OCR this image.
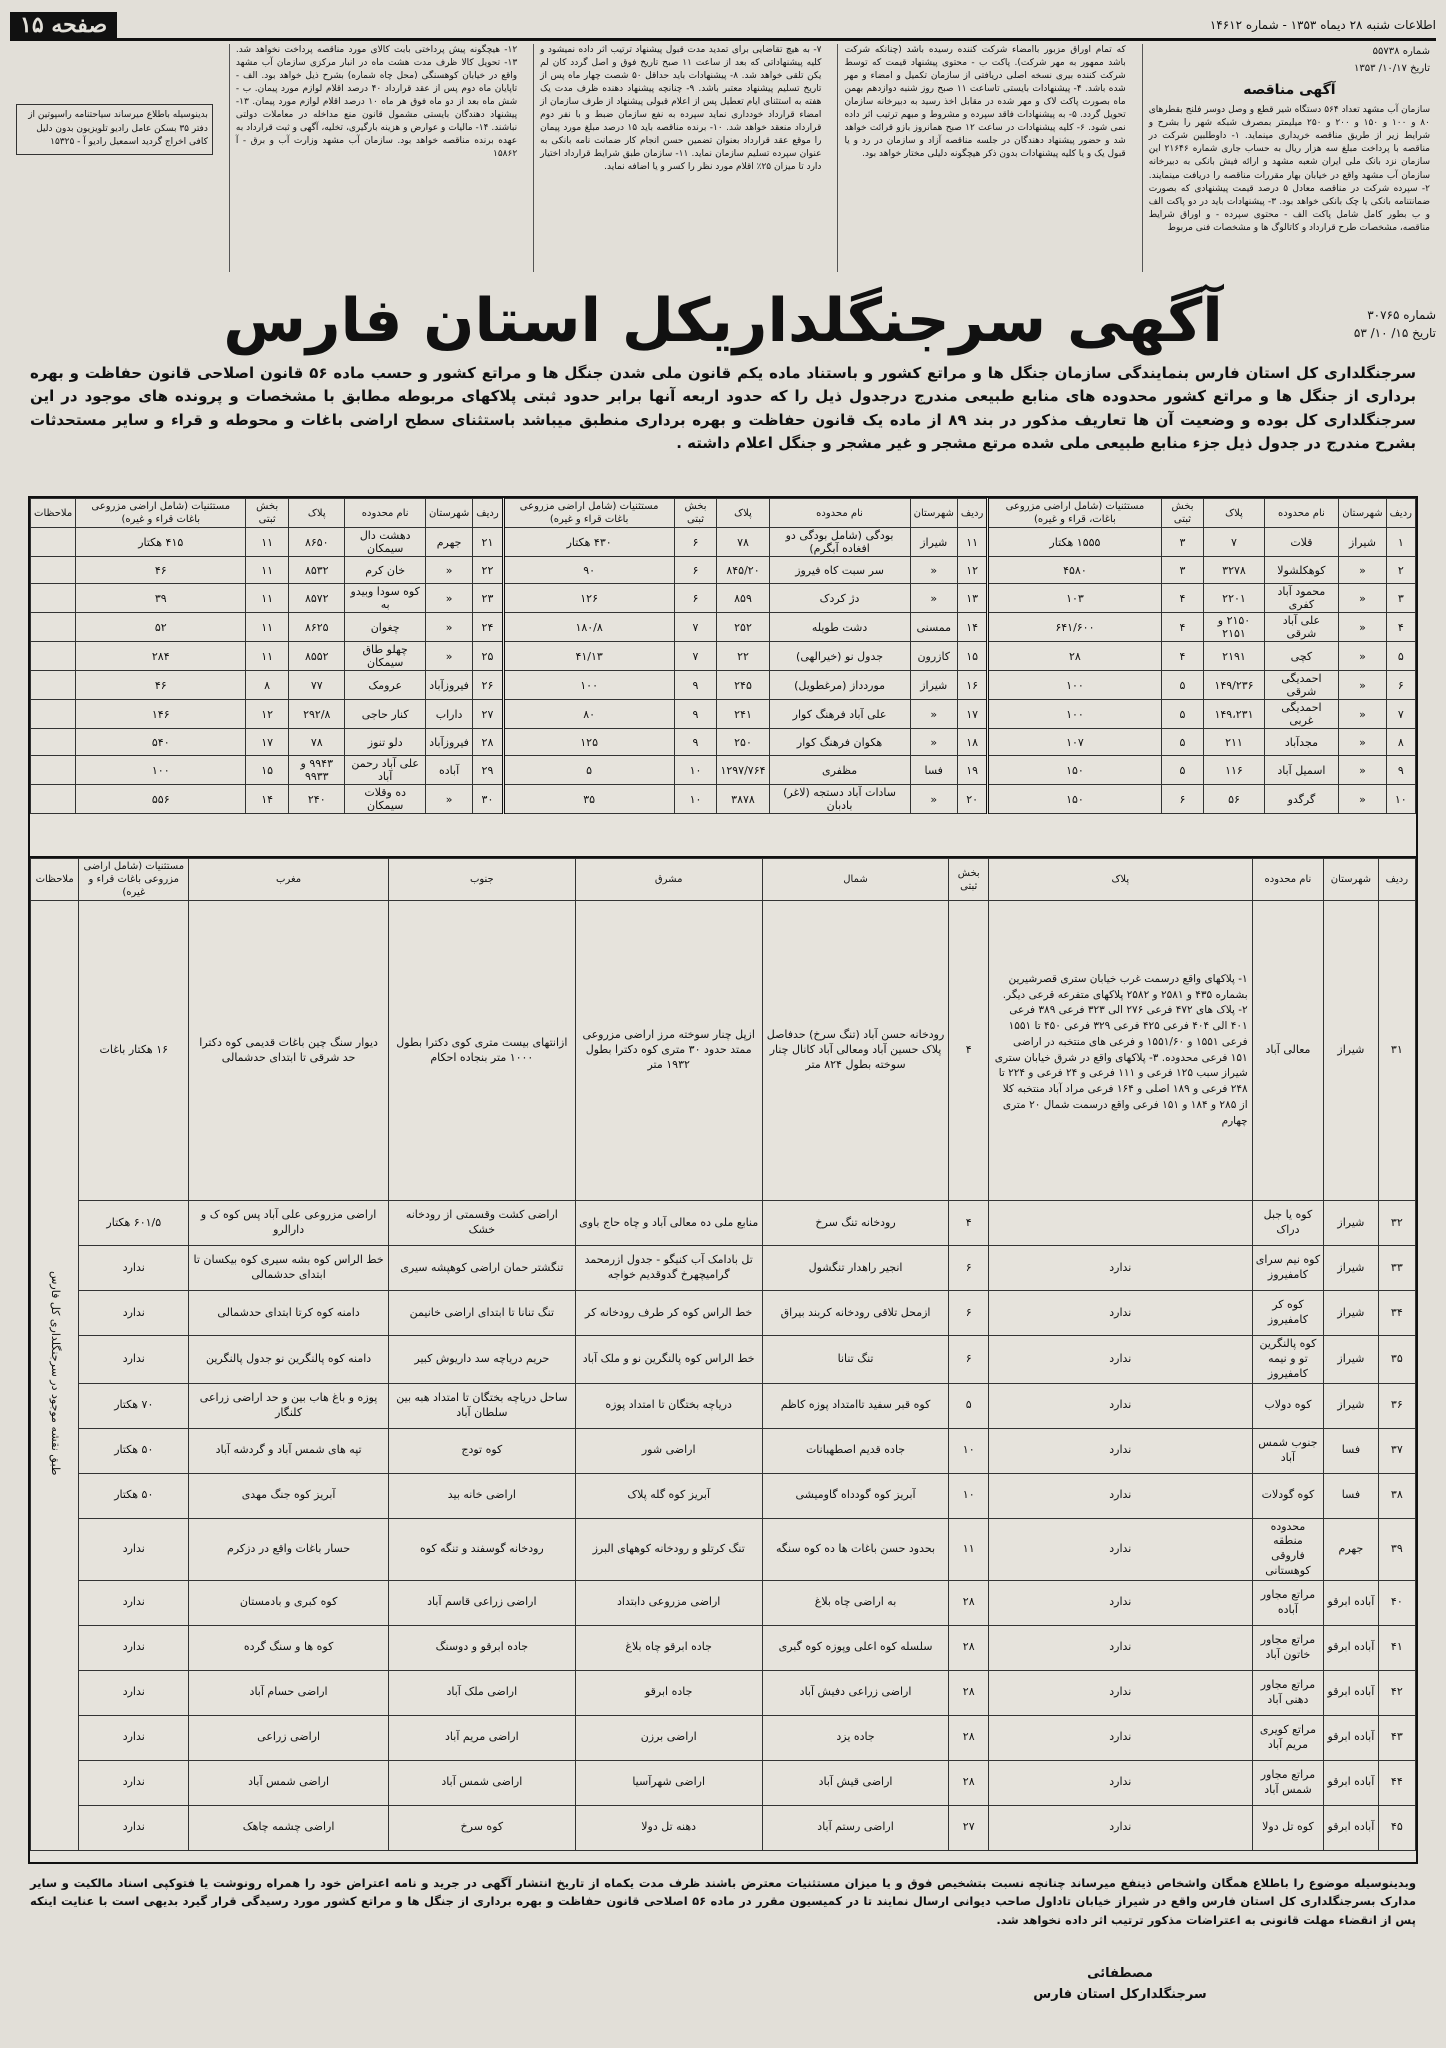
اطلاعات شنبه ۲۸ دیماه ۱۳۵۳ - شماره ۱۴۶۱۲
۱۵ صفحه
شماره ۵۵۷۳۸
تاریخ ۱۰/۱۷/ ۱۳۵۳
آگهی مناقصه

سازمان آب مشهد تعداد ۵۶۴ دستگاه شیر قطع و وصل دوسر فلنج بقطرهای ۸۰ و ۱۰۰ و ۱۵۰ و ۲۰۰ و ۲۵۰ میلیمتر بمصرف شبکه شهر را بشرح و شرایط زیر از طریق مناقصه خریداری مینماید. ۱- داوطلبین شرکت در مناقصه با پرداخت مبلغ سه هزار ریال به حساب جاری شماره ۲۱۶۴۶ این سازمان نزد بانک ملی ایران شعبه مشهد و ارائه فیش بانکی به دبیرخانه سازمان آب مشهد واقع در خیابان بهار مقررات مناقصه را دریافت مینمایند. ۲- سپرده شرکت در مناقصه معادل ۵ درصد قیمت پیشنهادی که بصورت ضمانتنامه بانکی یا چک بانکی خواهد بود. ۳- پیشنهادات باید در دو پاکت الف و ب بطور کامل شامل پاکت الف - محتوی سپرده - و اوراق شرایط مناقصه، مشخصات طرح قرارداد و کاتالوگ ها و مشخصات فنی مربوط

که تمام اوراق مزبور باامضاء شرکت کننده رسیده باشد (چنانکه شرکت باشد ممهور به مهر شرکت). پاکت ب - محتوی پیشنهاد قیمت که توسط شرکت کننده بیری نسخه اصلی دریافتی از سازمان تکمیل و امضاء و مهر شده باشد. ۴- پیشنهادات بایستی تاساعت ۱۱ صبح روز شنبه دوازدهم بهمن ماه بصورت پاکت لاک و مهر شده در مقابل اخذ رسید به دبیرخانه سازمان تحویل گردد. ۵- به پیشنهادات فاقد سپرده و مشروط و مبهم ترتیب اثر داده نمی شود. ۶- کلیه پیشنهادات در ساعت ۱۲ صبح همانروز بازو قرائت خواهد شد و حضور پیشنهاد دهندگان در جلسه مناقصه آزاد و سازمان در رد و یا قبول یک و یا کلیه پیشنهادات بدون ذکر هیچگونه دلیلی مختار خواهد بود.

۷- به هیچ تقاضایی برای تمدید مدت قبول پیشنهاد ترتیب اثر داده نمیشود و کلیه پیشنهاداتی که بعد از ساعت ۱۱ صبح تاریخ فوق و اصل گردد کان لم یکن تلقی خواهد شد. ۸- پیشنهادات باید حداقل ۵۰ شصت چهار ماه پس از تاریخ تسلیم پیشنهاد معتبر باشد. ۹- چنانچه پیشنهاد دهنده ظرف مدت یک هفته به استثنای ایام تعطیل پس از اعلام قبولی پیشنهاد از طرف سازمان از امضاء قرارداد خودداری نماید سپرده به نفع سازمان ضبط و با نفر دوم قرارداد منعقد خواهد شد. ۱۰- برنده مناقصه باید ۱۵ درصد مبلغ مورد پیمان را موقع عقد قرارداد بعنوان تضمین حسن انجام کار ضمانت نامه بانکی به عنوان سپرده تسلیم سازمان نماید. ۱۱- سازمان طبق شرایط قرارداد اختیار دارد تا میزان ۲۵٪ اقلام مورد نظر را کسر و یا اضافه نماید.

۱۲- هیچگونه پیش پرداختی بابت کالای مورد مناقصه پرداخت نخواهد شد. ۱۳- تحویل کالا ظرف مدت هشت ماه در انبار مرکزی سازمان آب مشهد واقع در خیابان کوهسنگی (محل چاه شماره) بشرح ذیل خواهد بود. الف - تاپایان ماه دوم پس از عقد قرارداد ۴۰ درصد اقلام لوازم مورد پیمان. ب - شش ماه بعد از دو ماه فوق هر ماه ۱۰ درصد اقلام لوازم مورد پیمان. ۱۳- پیشنهاد دهندگان بایستی مشمول قانون منع مداخله در معاملات دولتی نباشند. ۱۴- مالیات و عوارض و هزینه بارگیری، تخلیه، آگهی و ثبت قرارداد به عهده برنده مناقصه خواهد بود. سازمان آب مشهد وزارت آب و برق - آ ۱۵۸۶۲

بدینوسیله باطلاع میرساند سیاحتنامه راسپوتین از دفتر ۳۵ بسکن عامل رادیو تلویزیون بدون دلیل کافی اخراج گردید اسمعیل رادیو آ - ۱۵۳۲۵
شماره ۳۰۷۶۵
تاریخ ۱۵/ ۱۰/ ۵۳
آگهی سرجنگلداریکل استان فارس

سرجنگلداری کل استان فارس بنمایندگی سازمان جنگل ها و مراتع کشور و باستناد ماده یکم قانون ملی شدن جنگل ها و مراتع کشور و حسب ماده ۵۶ قانون اصلاحی قانون حفاظت و بهره برداری از جنگل ها و مراتع کشور محدوده های منابع طبیعی مندرج درجدول ذیل را که حدود اربعه آنها برابر حدود ثبتی پلاکهای مربوطه مطابق با مشخصات و پرونده های موجود در این سرجنگلداری کل بوده و وضعیت آن ها تعاریف مذکور در بند ۸۹ از ماده یک قانون حفاظت و بهره برداری منطبق میباشد باستثنای سطح اراضی باغات و محوطه و قراء و سایر مستحدثات بشرح مندرج در جدول ذیل جزء منابع طبیعی ملی شده مرتع مشجر و غیر مشجر و جنگل اعلام داشته .

ردیف	شهرستان	نام محدوده	پلاک	بخش ثبتی	مستثنیات (شامل اراضی مزروعی باغات، قراء و غیره)	ردیف	شهرستان	نام محدوده	پلاک	بخش ثبتی	مستثنیات (شامل اراضی مزروعی باغات قراء و غیره)	ردیف	شهرستان	نام محدوده	پلاک	بخش ثبتی	مستثنیات (شامل اراضی مزروعی باغات قراء و غیره)	ملاحظات
۱	شیراز	قلات	۷	۳	۱۵۵۵ هکتار	۱۱	شیراز	بودگی (شامل بودگی دو افغاده آبگرم)	۷۸	۶	۴۳۰ هکتار	۲۱	جهرم	دهشت دال سیمکان	۸۶۵۰	۱۱	۴۱۵ هکتار	
۲	«	کوهکلشولا	۳۲۷۸	۳	۴۵۸۰	۱۲	«	سر سبت کاه فیروز	۸۴۵/۲۰	۶	۹۰	۲۲	«	خان کرم	۸۵۳۲	۱۱	۴۶	
۳	«	محمود آباد کفری	۲۲۰۱	۴	۱۰۳	۱۳	«	دژ کردک	۸۵۹	۶	۱۲۶	۲۳	«	کوه سودا وبیدو به	۸۵۷۲	۱۱	۳۹	
۴	«	علی آباد شرقی	۲۱۵۰ و ۲۱۵۱	۴	۶۴۱/۶۰۰	۱۴	ممسنی	دشت طویله	۲۵۲	۷	۱۸۰/۸	۲۴	«	چغوان	۸۶۲۵	۱۱	۵۲	
۵	«	کچی	۲۱۹۱	۴	۲۸	۱۵	کازرون	جدول نو (خیرالهی)	۲۲	۷	۴۱/۱۳	۲۵	«	چهلو طاق سیمکان	۸۵۵۲	۱۱	۲۸۴	
۶	«	احمدیگی شرقی	۱۴۹/۲۳۶	۵	۱۰۰	۱۶	شیراز	موردداز (مرغطویل)	۲۴۵	۹	۱۰۰	۲۶	فیروزآباد	عرومک	۷۷	۸	۴۶	
۷	«	احمدیگی غربی	۱۴۹،۲۳۱	۵	۱۰۰	۱۷	«	علی آباد فرهنگ کوار	۲۴۱	۹	۸۰	۲۷	داراب	کنار حاجی	۲۹۲/۸	۱۲	۱۴۶	
۸	«	مجدآباد	۲۱۱	۵	۱۰۷	۱۸	«	هکوان فرهنگ کوار	۲۵۰	۹	۱۲۵	۲۸	فیروزآباد	دلو تنوز	۷۸	۱۷	۵۴۰	
۹	«	اسمیل آباد	۱۱۶	۵	۱۵۰	۱۹	فسا	مظفری	۱۲۹۷/۷۶۴	۱۰	۵	۲۹	آباده	علی آباد رحمن آباد	۹۹۴۳ و ۹۹۳۳	۱۵	۱۰۰	
۱۰	«	گرگدو	۵۶	۶	۱۵۰	۲۰	«	سادات آباد دستجه (لاغر) بادبان	۳۸۷۸	۱۰	۳۵	۳۰	«	ده وقلات سیمکان	۲۴۰	۱۴	۵۵۶	
ردیف	شهرستان	نام محدوده	پلاک	بخش ثبتی	شمال	مشرق	جنوب	مغرب	مستثنیات (شامل اراضی مزروعی باغات قراء و غیره)	ملاحظات
۳۱	شیراز	معالی آباد	۱- پلاکهای واقع درسمت غرب خیابان ستری قصرشیرین بشماره ۴۳۵ و ۲۵۸۱ و ۲۵۸۲ پلاکهای متفرعه قرعی دیگر. ۲- پلاک های ۴۷۲ فرعی ۲۷۶ الی ۳۲۳ فرعی ۳۸۹ فرعی ۴۰۱ الی ۴۰۴ فرعی ۴۲۵ فرعی ۳۲۹ فرعی ۴۵۰ تا ۱۵۵۱ فرعی ۱۵۵۱ و ۱۵۵۱/۶۰ و فرعی های منتخبه در اراضی ۱۵۱ فرعی محدوده. ۳- پلاکهای واقع در شرق خیابان ستری شیراز سبب ۱۲۵ فرعی و ۱۱۱ فرعی و ۲۴ فرعی و ۲۲۴ تا ۲۴۸ فرعی و ۱۸۹ اصلی و ۱۶۴ فرعی مراد آباد منتخبه کلا از ۲۸۵ و ۱۸۴ و ۱۵۱ فرعی واقع درسمت شمال ۲۰ متری چهارم	۴	رودخانه حسن آباد (تنگ سرخ) حدفاصل پلاک حسین آباد ومعالی آباد کانال چنار سوخته بطول ۸۲۴ متر	ازپل چنار سوخته مرز اراضی مزروعی ممتد حدود ۳۰ متری کوه دکترا بطول ۱۹۳۲ متر	ازانتهای بیست متری کوی دکترا بطول ۱۰۰۰ متر بنجاده احکام	دیوار سنگ چین باغات قدیمی کوه دکترا حد شرقی تا ابتدای حدشمالی	۱۶ هکتار باغات	طبق نقشه موجود در سرجنگلداری کل فارس
۳۲	شیراز	کوه یا جبل دراک		۴	رودخانه تنگ سرخ	منابع ملی ده معالی آباد و چاه حاج باوی	اراضی کشت وقسمتی از رودخانه خشک	اراضی مزروعی علی آباد پس کوه ک و دارالرو	۶۰۱/۵ هکتار	
۳۳	شیراز	کوه نیم سرای کامفیروز	ندارد	۶	انجیر راهدار تنگشول	تل بادامک آب کنیگو - جدول ازرمحمد گرامیچهرخ گدوقدیم خواجه	تنگشتر حمان اراضی کوهپشه سیری	خط الراس کوه بشه سیری کوه بیکسان تا ابتدای حدشمالی	ندارد	
۳۴	شیراز	کوه کر کامفیروز	ندارد	۶	ازمحل تلاقی رودخانه کربند بیراق	خط الراس کوه کر طرف رودخانه کر	تنگ تنانا تا ابتدای اراضی خانیمن	دامنه کوه کرتا ابتدای حدشمالی	ندارد	
۳۵	شیراز	کوه پالنگرین تو و نیمه کامفیروز	ندارد	۶	تنگ تنانا	خط الراس کوه پالنگرین نو و ملک آباد	حریم دریاچه سد داریوش کبیر	دامنه کوه پالنگرین نو جدول پالنگرین	ندارد	
۳۶	شیراز	کوه دولاب	ندارد	۵	کوه قبر سفید تاامتداد پوزه کاظم	دریاچه بختگان تا امتداد پوزه	ساحل دریاچه بختگان تا امتداد هبه بین سلطان آباد	پوزه و باغ هاب بین و حد اراضی زراعی کلنگار	۷۰ هکتار	
۳۷	فسا	جنوب شمس آباد	ندارد	۱۰	جاده قدیم اصطهبانات	اراضی شور	کوه تودج	تپه های شمس آباد و گردشه آباد	۵۰ هکتار	
۳۸	فسا	کوه گودلات	ندارد	۱۰	آبریز کوه گودداه گاومیشی	آبریز کوه گله پلاک	اراضی خانه بید	آبریز کوه جنگ مهدی	۵۰ هکتار	
۳۹	جهرم	محدوده منطقه فاروقی کوهستانی	ندارد	۱۱	بحدود حسن باغات ها ده کوه سنگه	تنگ کرتلو و رودخانه کوههای البرز	رودخانه گوسفند و تنگه کوه	حسار باغات واقع در دزکرم	ندارد	
۴۰	آباده ابرقو	مراتع مجاور آباده	ندارد	۲۸	به اراضی چاه بلاغ	اراضی مزروعی دابتداد	اراضی زراعی قاسم آباد	کوه کبری و بادمستان	ندارد	
۴۱	آباده ابرقو	مراتع مجاور خاتون آباد	ندارد	۲۸	سلسله کوه اعلی وپوزه کوه گبری	جاده ابرقو چاه بلاغ	جاده ابرقو و دوسنگ	کوه ها و سنگ گرده	ندارد	
۴۲	آباده ابرقو	مراتع مجاور دهنی آباد	ندارد	۲۸	اراضی زراعی دفیش آباد	جاده ابرقو	اراضی ملک آباد	اراضی حسام آباد	ندارد	
۴۳	آباده ابرقو	مراتع کویری مریم آباد	ندارد	۲۸	جاده یزد	اراضی برزن	اراضی مریم آباد	اراضی زراعی	ندارد	
۴۴	آباده ابرقو	مراتع مجاور شمس آباد	ندارد	۲۸	اراضی قیش آباد	اراضی شهرآسیا	اراضی شمس آباد	اراضی شمس آباد	ندارد	
۴۵	آباده ابرقو	کوه تل دولا	ندارد	۲۷	اراضی رستم آباد	دهنه تل دولا	کوه سرخ	اراضی چشمه چاهک	ندارد	

وبدینوسیله موضوع را باطلاع همگان واشخاص ذینفع میرساند چنانچه نسبت بتشخیص فوق و یا میزان مستثنیات معترض باشند ظرف مدت یکماه از تاریخ انتشار آگهی در جرید و نامه اعتراض خود را همراه رونوشت یا فتوکپی اسناد مالکیت و سایر مدارک بسرجنگلداری کل استان فارس واقع در شیراز خیابان تاداول صاحب دیوانی ارسال نمایند تا در کمیسیون مقرر در ماده ۵۶ اصلاحی قانون حفاظت و بهره برداری از جنگل ها و مراتع کشور مورد رسیدگی قرار گیرد بدیهی است با عنایت اینکه پس از انقضاء مهلت قانونی به اعتراضات مذکور ترتیب اثر داده نخواهد شد.

مصطفائی
سرجنگلدارکل استان فارس
